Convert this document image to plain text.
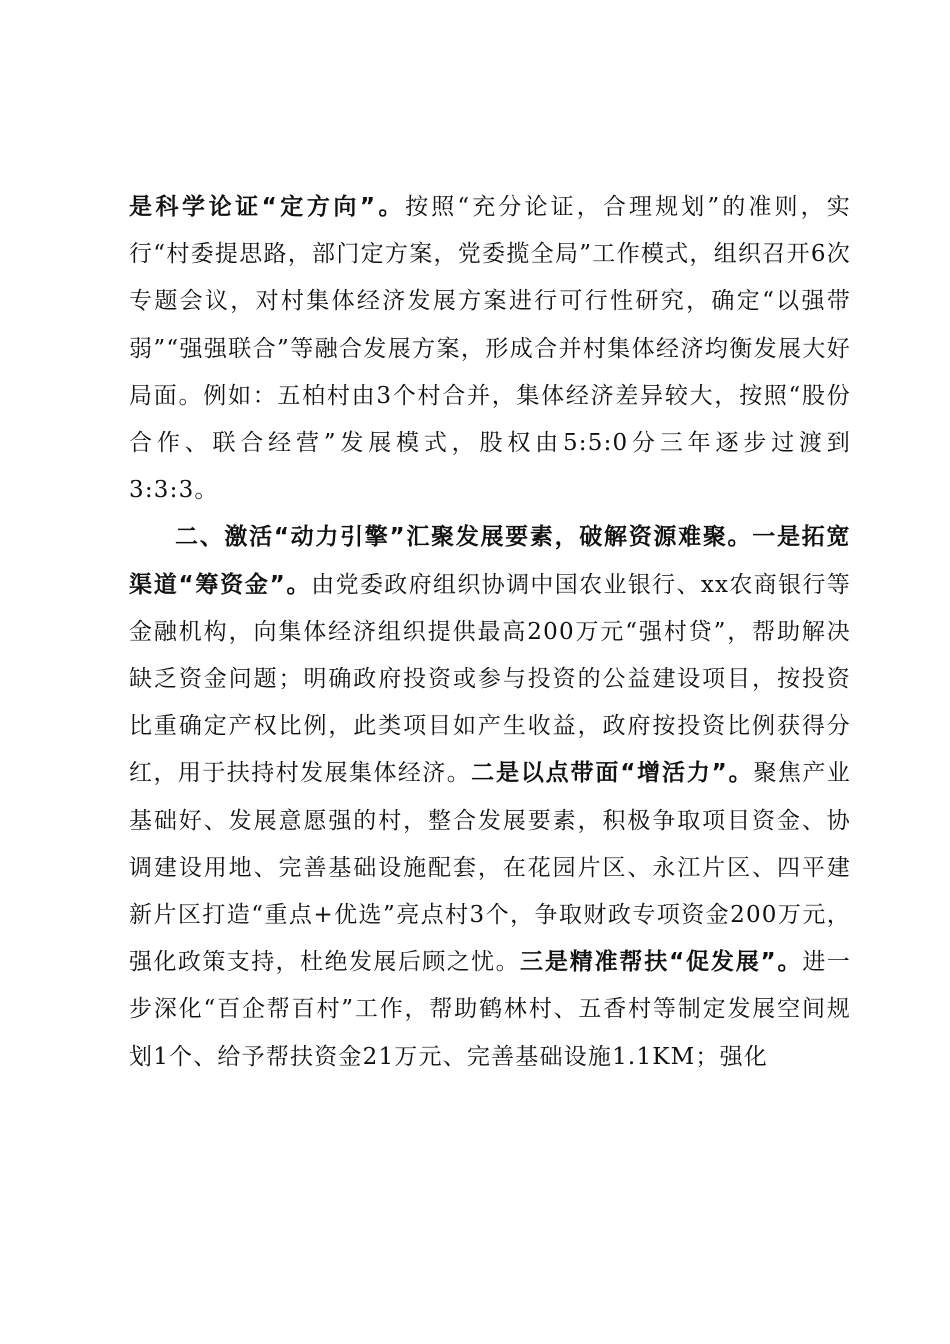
是科学论证“定方向”。按照“充分论证，合理规划”的准则，实行“村委提思路，部门定方案，党委揽全局”工作模式，组织召开6次专题会议，对村集体经济发展方案进行可行性研究，确定“以强带弱”“强强联合”等融合发展方案，形成合并村集体经济均衡发展大好局面。例如：五柏村由3个村合并，集体经济差异较大，按照“股份合作、联合经营”发展模式，股权由5:5:0分三年逐步过渡到3:3:3。

二、激活“动力引擎”汇聚发展要素，破解资源难聚。一是拓宽渠道“筹资金”。由党委政府组织协调中国农业银行、xx农商银行等金融机构，向集体经济组织提供最高200万元“强村贷”，帮助解决缺乏资金问题；明确政府投资或参与投资的公益建设项目，按投资比重确定产权比例，此类项目如产生收益，政府按投资比例获得分红，用于扶持村发展集体经济。二是以点带面“增活力”。聚焦产业基础好、发展意愿强的村，整合发展要素，积极争取项目资金、协调建设用地、完善基础设施配套，在花园片区、永江片区、四平建新片区打造“重点+优选”亮点村3个，争取财政专项资金200万元，强化政策支持，杜绝发展后顾之忧。三是精准帮扶“促发展”。进一步深化“百企帮百村”工作，帮助鹤林村、五香村等制定发展空间规划1个、给予帮扶资金21万元、完善基础设施1.1KM；强化
